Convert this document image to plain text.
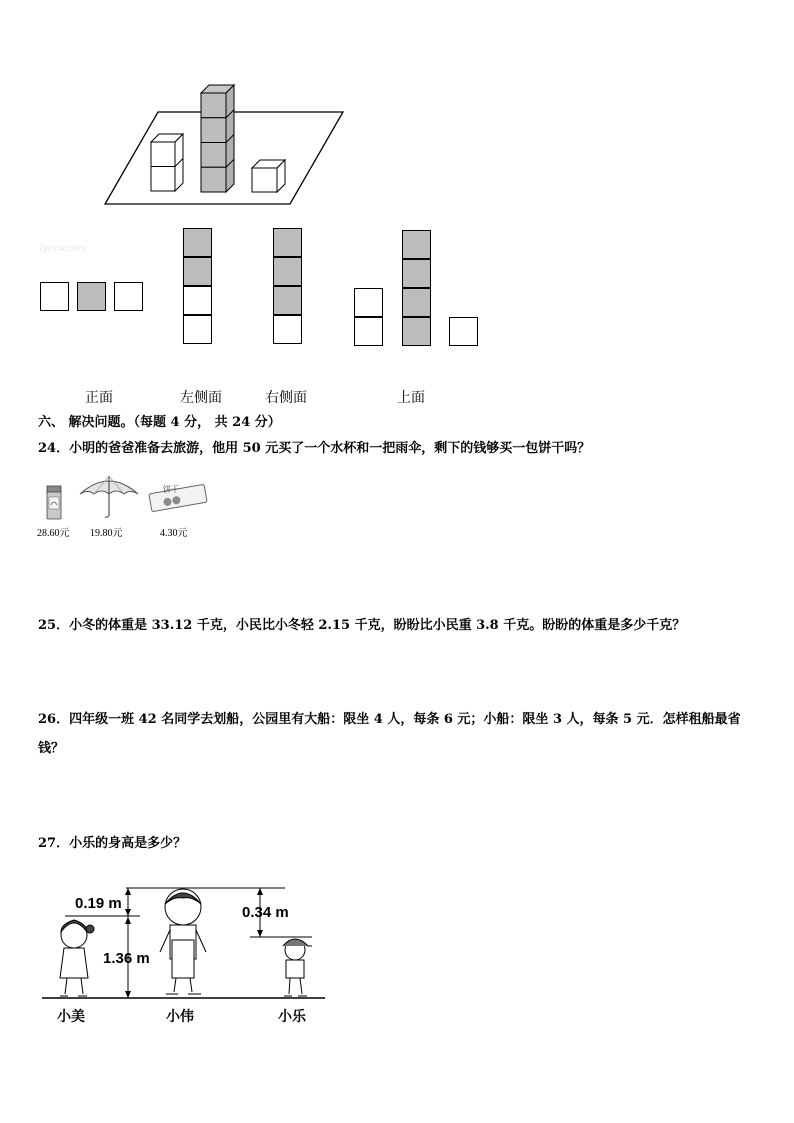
lyzxw.com
正面	左侧面	右侧面	上面
六、 解决问题。（每题 4 分， 共 24 分）
24．小明的爸爸准备去旅游，他用 50 元买了一个水杯和一把雨伞，剩下的钱够买一包饼干吗？
饼干
28.60元 19.80元	4.30元
25．小冬的体重是 33.12 千克，小民比小冬轻 2.15 千克，盼盼比小民重 3.8 千克。盼盼的体重是多少千克？
26．四年级一班 42 名同学去划船，公园里有大船：限坐 4 人，每条 6 元；小船：限坐 3 人，每条 5 元．怎样租船最省
钱？
27．小乐的身高是多少？
0.19 m
1.36 m
0.34 m
小美	小伟	小乐
